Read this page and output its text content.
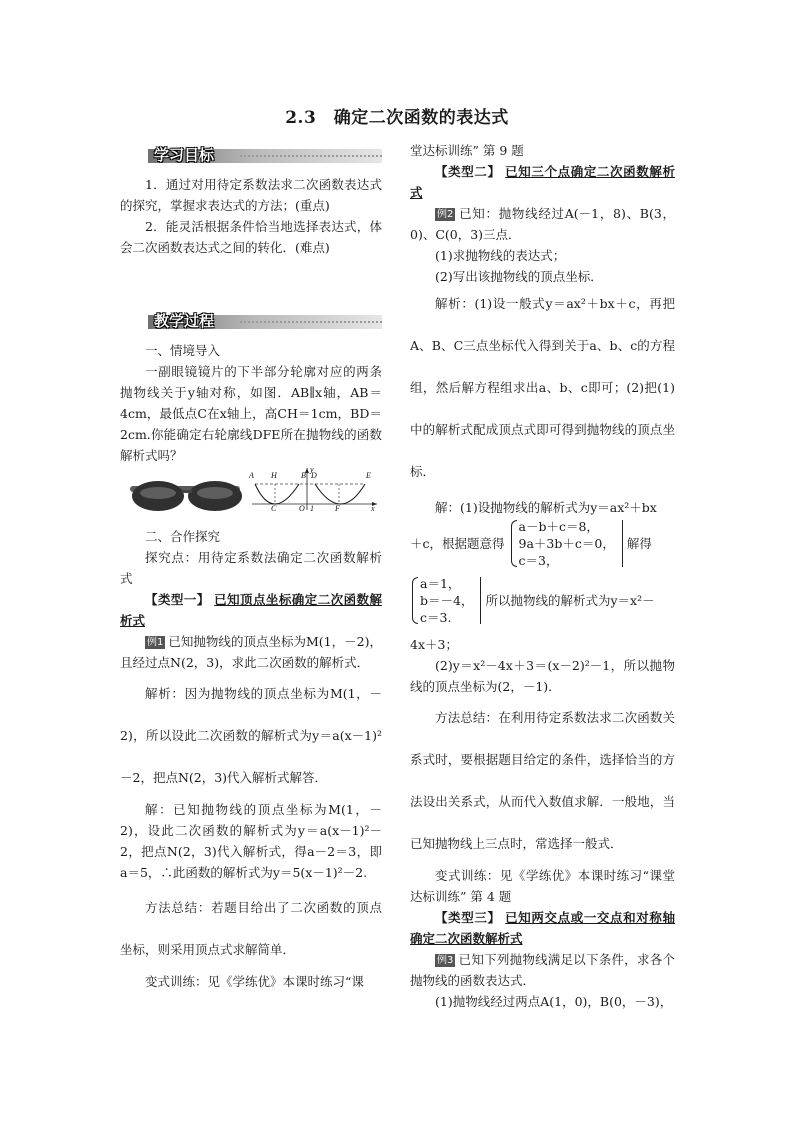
2.3　确定二次函数的表达式
学习目标

1．通过对用待定系数法求二次函数表达式的探究，掌握求表达式的方法；(重点)

2．能灵活根据条件恰当地选择表达式，体会二次函数表达式之间的转化．(难点)

教学过程

一、情境导入

一副眼镜镜片的下半部分轮廓对应的两条抛物线关于y轴对称，如图．AB∥x轴，AB＝4cm，最低点C在x轴上，高CH＝1cm，BD＝2cm.你能确定右轮廓线DFE所在抛物线的函数解析式吗？

A H	B D	E
C	O 1	F	x
y

二、合作探究

探究点：用待定系数法确定二次函数解析式

【类型一】 已知顶点坐标确定二次函数解析式

例1 已知抛物线的顶点坐标为M(1，－2)，且经过点N(2，3)，求此二次函数的解析式．

解析：因为抛物线的顶点坐标为M(1，－2)，所以设此二次函数的解析式为y＝a(x－1)²－2，把点N(2，3)代入解析式解答．

解：已知抛物线的顶点坐标为M(1，－2)，设此二次函数的解析式为y＝a(x－1)²－2，把点N(2，3)代入解析式，得a－2＝3，即a＝5，∴此函数的解析式为y＝5(x－1)²－2.

方法总结：若题目给出了二次函数的顶点坐标，则采用顶点式求解简单．

变式训练：见《学练优》本课时练习“课

堂达标训练” 第 9 题

【类型二】 已知三个点确定二次函数解析式

例2 已知：抛物线经过A(－1，8)、B(3，0)、C(0，3)三点．

(1)求抛物线的表达式；

(2)写出该抛物线的顶点坐标．

解析：(1)设一般式y＝ax²＋bx＋c，再把A、B、C三点坐标代入得到关于a、b、c的方程组，然后解方程组求出a、b、c即可；(2)把(1)中的解析式配成顶点式即可得到抛物线的顶点坐标．

解：(1)设抛物线的解析式为y＝ax²＋bx

＋c，根据题意得
a－b＋c＝8，
9a＋3b＋c＝0，
c＝3，
解得
a＝1，
b＝－4，
c＝3.
所以抛物线的解析式为y＝x²－

4x＋3；

(2)y＝x²－4x＋3＝(x－2)²－1，所以抛物线的顶点坐标为(2，－1)．

方法总结：在利用待定系数法求二次函数关系式时，要根据题目给定的条件，选择恰当的方法设出关系式，从而代入数值求解．一般地，当已知抛物线上三点时，常选择一般式．

变式训练：见《学练优》本课时练习“课堂达标训练” 第 4 题

【类型三】 已知两交点或一交点和对称轴确定二次函数解析式

例3 已知下列抛物线满足以下条件，求各个抛物线的函数表达式．

(1)抛物线经过两点A(1，0)，B(0，－3)，
